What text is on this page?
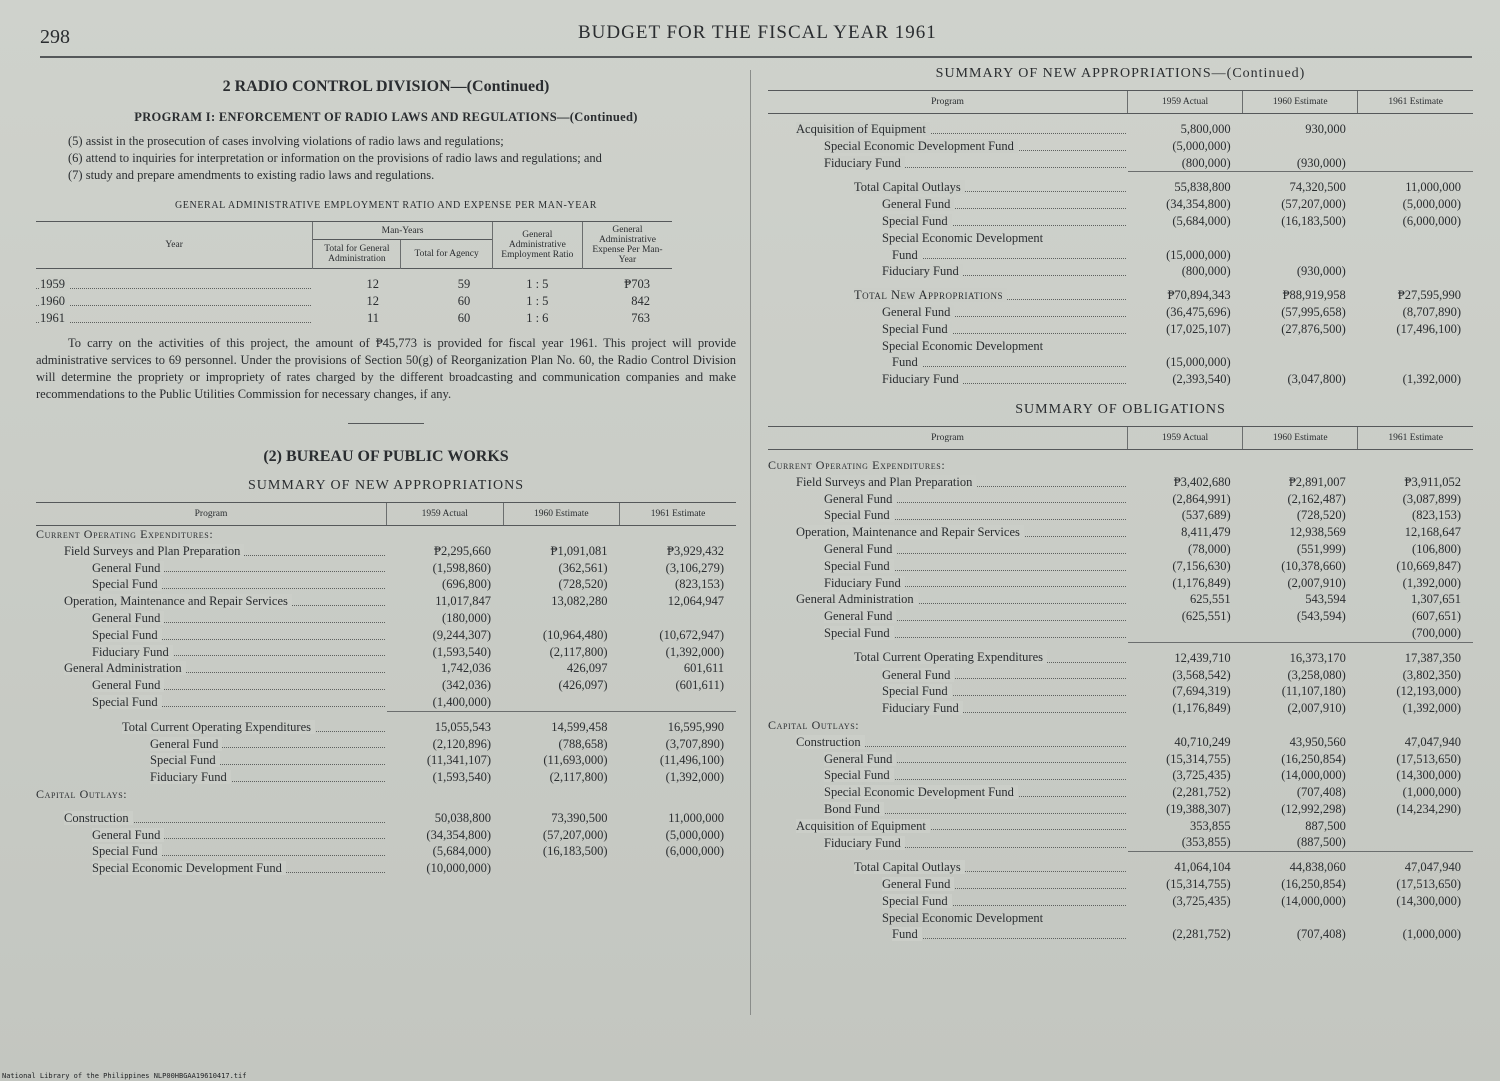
298	BUDGET FOR THE FISCAL YEAR 1961
2 RADIO CONTROL DIVISION—(Continued)
PROGRAM I: ENFORCEMENT OF RADIO LAWS AND REGULATIONS—(Continued)

(5) assist in the prosecution of cases involving violations of radio laws and regulations;

(6) attend to inquiries for interpretation or information on the provisions of radio laws and regulations; and

(7) study and prepare amendments to existing radio laws and regulations.

GENERAL ADMINISTRATIVE EMPLOYMENT RATIO AND EXPENSE PER MAN-YEAR
Year	Man-Years		General Administrative Employment Ratio	General Administrative Expense Per Man-Year
	Total for General Administration	Total for Agency		

1959	12	59	1 : 5	₱703

1960	12	60	1 : 5	842

1961	11	60	1 : 6	763

To carry on the activities of this project, the amount of ₱45,773 is provided for fiscal year 1961. This project will provide administrative services to 69 personnel. Under the provisions of Section 50(g) of Reorganization Plan No. 60, the Radio Control Division will determine the propriety or impropriety of rates charged by the different broadcasting and communication companies and make recommendations to the Public Utilities Commission for necessary changes, if any.

(2) BUREAU OF PUBLIC WORKS
SUMMARY OF NEW APPROPRIATIONS
Program	1959 Actual	1960 Estimate	1961 Estimate
Current Operating Expenditures:			

Field Surveys and Plan Preparation	₱2,295,660	₱1,091,081	₱3,929,432

General Fund	(1,598,860)	(362,561)	(3,106,279)

Special Fund	(696,800)	(728,520)	(823,153)

Operation, Maintenance and Repair Services	11,017,847	13,082,280	12,064,947

General Fund	(180,000)		

Special Fund	(9,244,307)	(10,964,480)	(10,672,947)

Fiduciary Fund	(1,593,540)	(2,117,800)	(1,392,000)

General Administration	1,742,036	426,097	601,611

General Fund	(342,036)	(426,097)	(601,611)

Special Fund	(1,400,000)		

Total Current Operating Expenditures	15,055,543	14,599,458	16,595,990

General Fund	(2,120,896)	(788,658)	(3,707,890)

Special Fund	(11,341,107)	(11,693,000)	(11,496,100)

Fiduciary Fund	(1,593,540)	(2,117,800)	(1,392,000)
Capital Outlays:			

Construction	50,038,800	73,390,500	11,000,000

General Fund	(34,354,800)	(57,207,000)	(5,000,000)

Special Fund	(5,684,000)	(16,183,500)	(6,000,000)

Special Economic Development Fund	(10,000,000)		
SUMMARY OF NEW APPROPRIATIONS—(Continued)
Program	1959 Actual	1960 Estimate	1961 Estimate

Acquisition of Equipment	5,800,000	930,000	

Special Economic Development Fund	(5,000,000)		

Fiduciary Fund	(800,000)	(930,000)	

Total Capital Outlays	55,838,800	74,320,500	11,000,000

General Fund	(34,354,800)	(57,207,000)	(5,000,000)

Special Fund	(5,684,000)	(16,183,500)	(6,000,000)
Special Economic Development			

Fund	(15,000,000)		

Fiduciary Fund	(800,000)	(930,000)	

Total New Appropriations	₱70,894,343	₱88,919,958	₱27,595,990

General Fund	(36,475,696)	(57,995,658)	(8,707,890)

Special Fund	(17,025,107)	(27,876,500)	(17,496,100)
Special Economic Development			

Fund	(15,000,000)		

Fiduciary Fund	(2,393,540)	(3,047,800)	(1,392,000)
SUMMARY OF OBLIGATIONS
Program	1959 Actual	1960 Estimate	1961 Estimate
Current Operating Expenditures:			

Field Surveys and Plan Preparation	₱3,402,680	₱2,891,007	₱3,911,052

General Fund	(2,864,991)	(2,162,487)	(3,087,899)

Special Fund	(537,689)	(728,520)	(823,153)

Operation, Maintenance and Repair Services	8,411,479	12,938,569	12,168,647

General Fund	(78,000)	(551,999)	(106,800)

Special Fund	(7,156,630)	(10,378,660)	(10,669,847)

Fiduciary Fund	(1,176,849)	(2,007,910)	(1,392,000)

General Administration	625,551	543,594	1,307,651

General Fund	(625,551)	(543,594)	(607,651)

Special Fund			(700,000)

Total Current Operating Expenditures	12,439,710	16,373,170	17,387,350

General Fund	(3,568,542)	(3,258,080)	(3,802,350)

Special Fund	(7,694,319)	(11,107,180)	(12,193,000)

Fiduciary Fund	(1,176,849)	(2,007,910)	(1,392,000)
Capital Outlays:			

Construction	40,710,249	43,950,560	47,047,940

General Fund	(15,314,755)	(16,250,854)	(17,513,650)

Special Fund	(3,725,435)	(14,000,000)	(14,300,000)

Special Economic Development Fund	(2,281,752)	(707,408)	(1,000,000)

Bond Fund	(19,388,307)	(12,992,298)	(14,234,290)

Acquisition of Equipment	353,855	887,500	

Fiduciary Fund	(353,855)	(887,500)	

Total Capital Outlays	41,064,104	44,838,060	47,047,940

General Fund	(15,314,755)	(16,250,854)	(17,513,650)

Special Fund	(3,725,435)	(14,000,000)	(14,300,000)
Special Economic Development			

Fund	(2,281,752)	(707,408)	(1,000,000)
National Library of the Philippines NLP00HBGAA19610417.tif
